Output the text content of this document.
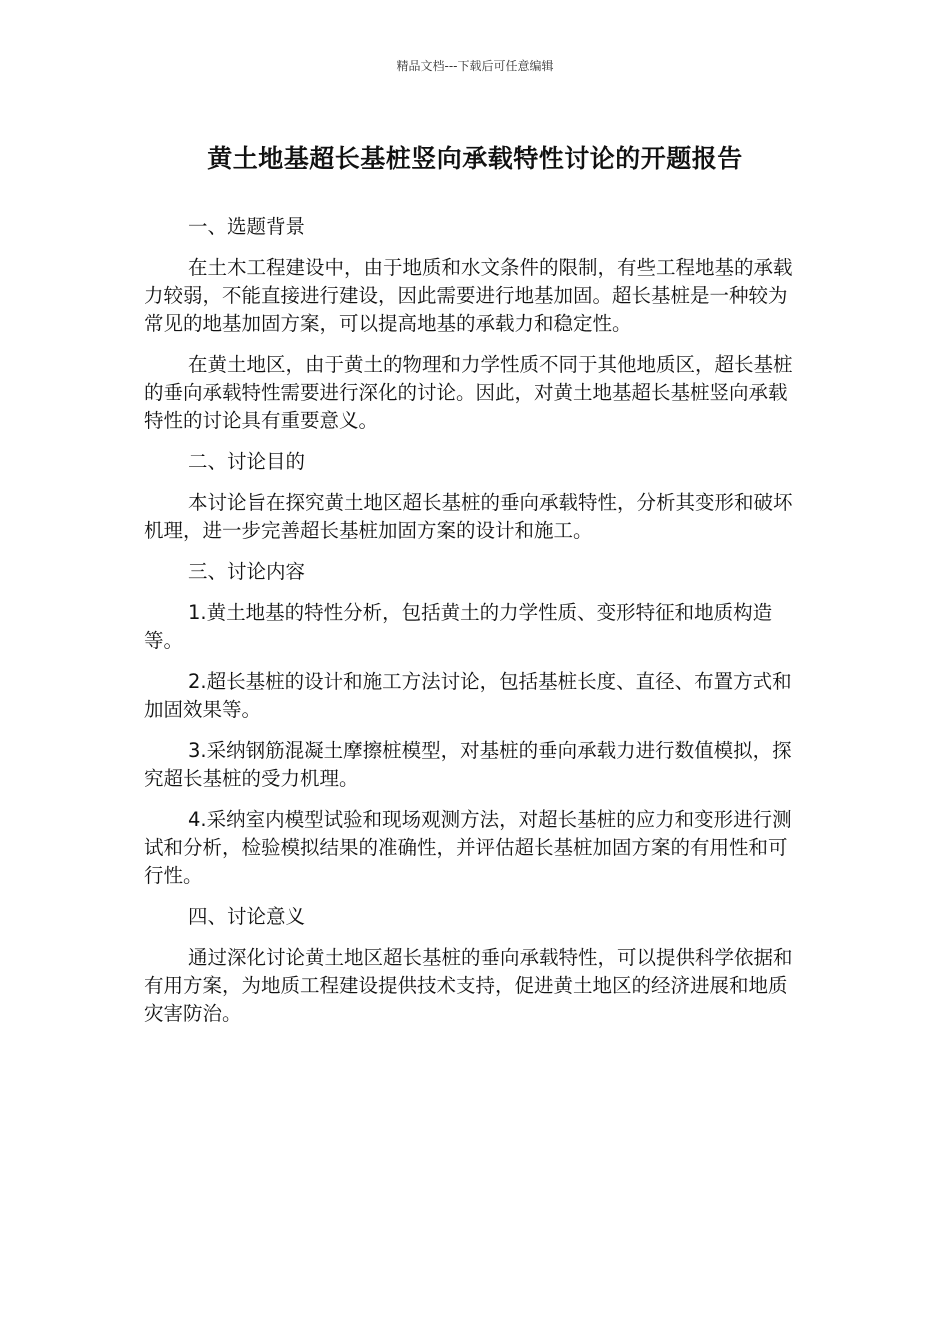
精品文档---下载后可任意编辑
黄土地基超长基桩竖向承载特性讨论的开题报告

一、选题背景

在土木工程建设中，由于地质和水文条件的限制，有些工程地基的承载力较弱，不能直接进行建设，因此需要进行地基加固。超长基桩是一种较为常见的地基加固方案，可以提高地基的承载力和稳定性。

在黄土地区，由于黄土的物理和力学性质不同于其他地质区，超长基桩的垂向承载特性需要进行深化的讨论。因此，对黄土地基超长基桩竖向承载特性的讨论具有重要意义。

二、讨论目的

本讨论旨在探究黄土地区超长基桩的垂向承载特性，分析其变形和破坏机理，进一步完善超长基桩加固方案的设计和施工。

三、讨论内容

1.黄土地基的特性分析，包括黄土的力学性质、变形特征和地质构造等。

2.超长基桩的设计和施工方法讨论，包括基桩长度、直径、布置方式和加固效果等。

3.采纳钢筋混凝土摩擦桩模型，对基桩的垂向承载力进行数值模拟，探究超长基桩的受力机理。

4.采纳室内模型试验和现场观测方法，对超长基桩的应力和变形进行测试和分析，检验模拟结果的准确性，并评估超长基桩加固方案的有用性和可行性。

四、讨论意义

通过深化讨论黄土地区超长基桩的垂向承载特性，可以提供科学依据和有用方案，为地质工程建设提供技术支持，促进黄土地区的经济进展和地质灾害防治。
